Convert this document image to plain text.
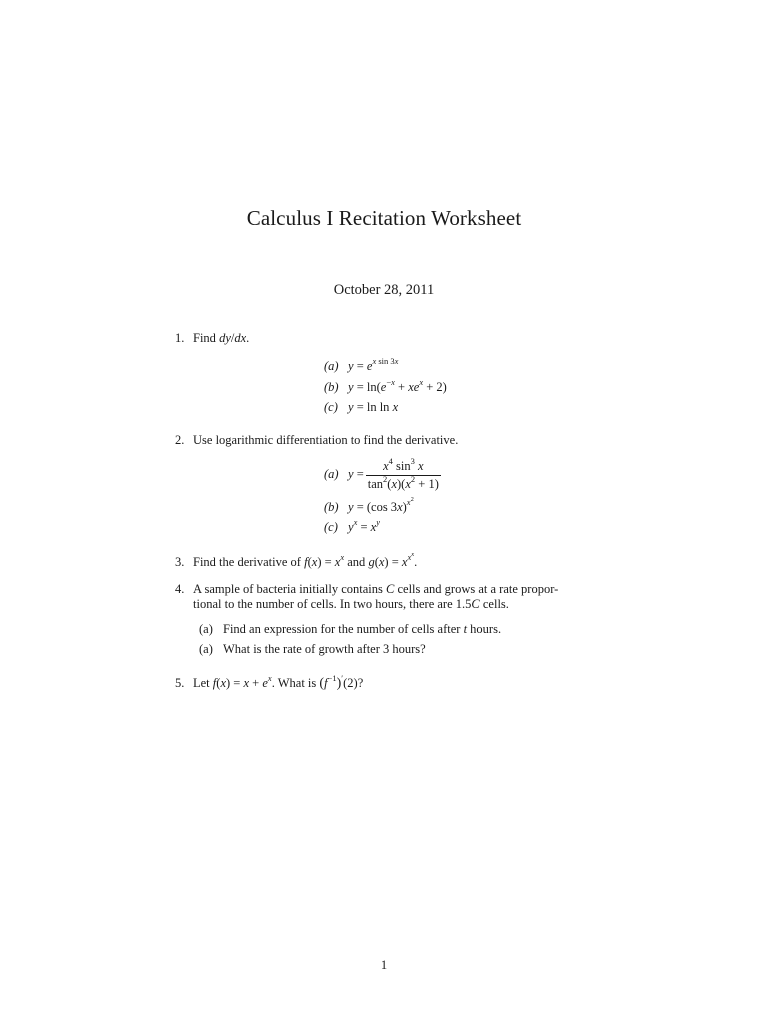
Calculus I Recitation Worksheet
October 28, 2011
1. Find dy/dx.
(a) $y = e^{x sin 3x}$
(b) $y = \ln(e^{-x} + xe^x + 2)$
(c) y = ln ln x
2. Use logarithmic differentiation to find the derivative.
(a) $y = \frac{x^4 \sin^3 x}{\tan^2(x)(x^2 + 1)}$
(b) y = (cos 3x)$^{x^2}$
(c) $y^x = x^y$
3. Find the derivative of $f(x) = x^x$ and $g(x) = x^{x^x}$.
4. A sample of bacteria initially contains C cells and grows at a rate propor-
tional to the number of cells. In two hours, there are 1.5C cells.
(a) Find an expression for the number of cells after t hours.
(a) What is the rate of growth after 3 hours?
5. Let $f(x) = x + e^x$. What is $(f^{-1})'(2)$?
1
